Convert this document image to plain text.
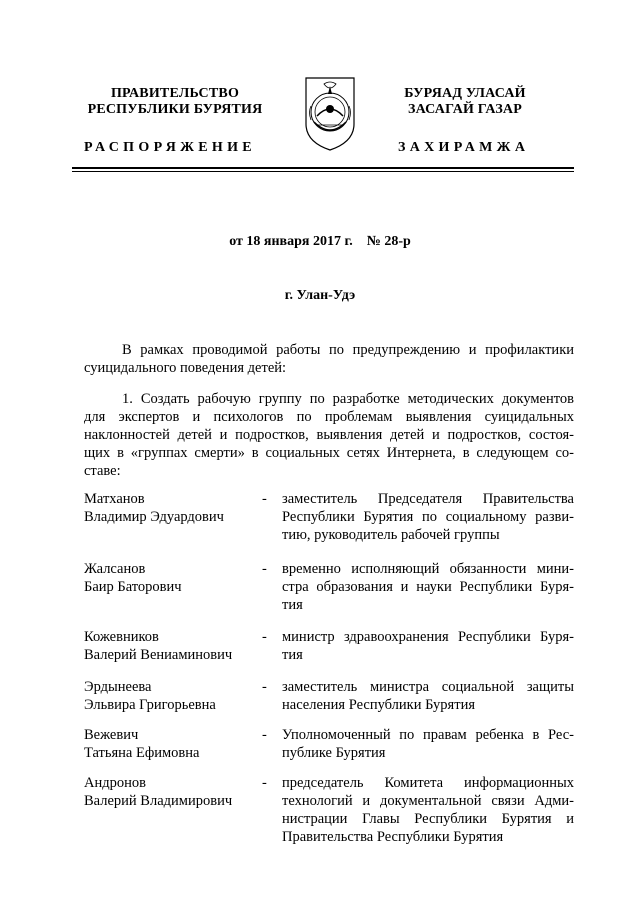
ПРАВИТЕЛЬСТВО
РЕСПУБЛИКИ БУРЯТИЯ
БУРЯАД УЛАСАЙ
ЗАСАГАЙ ГАЗАР
РАСПОРЯЖЕНИЕ	ЗАХИРАМЖА
от 18 января 2017 г.    № 28-р
г. Улан-Удэ
В рамках проводимой работы по предупреждению и профилактики
суицидального поведения детей:
1. Создать рабочую группу по разработке методических документов
для экспертов и психологов по проблемам выявления суицидальных
наклонностей детей и подростков, выявления детей и подростков, состоя-
щих в «группах смерти» в социальных сетях Интернета, в следующем со-
ставе:
Матханов
Владимир Эдуардович
- заместитель Председателя Правительства
Республики Бурятия по социальному разви-
тию, руководитель рабочей группы
Жалсанов
Баир Баторович
- временно исполняющий обязанности мини-
стра образования и науки Республики Буря-
тия
Кожевников
Валерий Вениаминович
- министр здравоохранения Республики Буря-
тия
Эрдынеева
Эльвира Григорьевна
- заместитель министра социальной защиты
населения Республики Бурятия
Вежевич
Татьяна Ефимовна
- Уполномоченный по правам ребенка в Рес-
публике Бурятия
Андронов
Валерий Владимирович
- председатель Комитета информационных
технологий и документальной связи Адми-
нистрации Главы Республики Бурятия и
Правительства Республики Бурятия
